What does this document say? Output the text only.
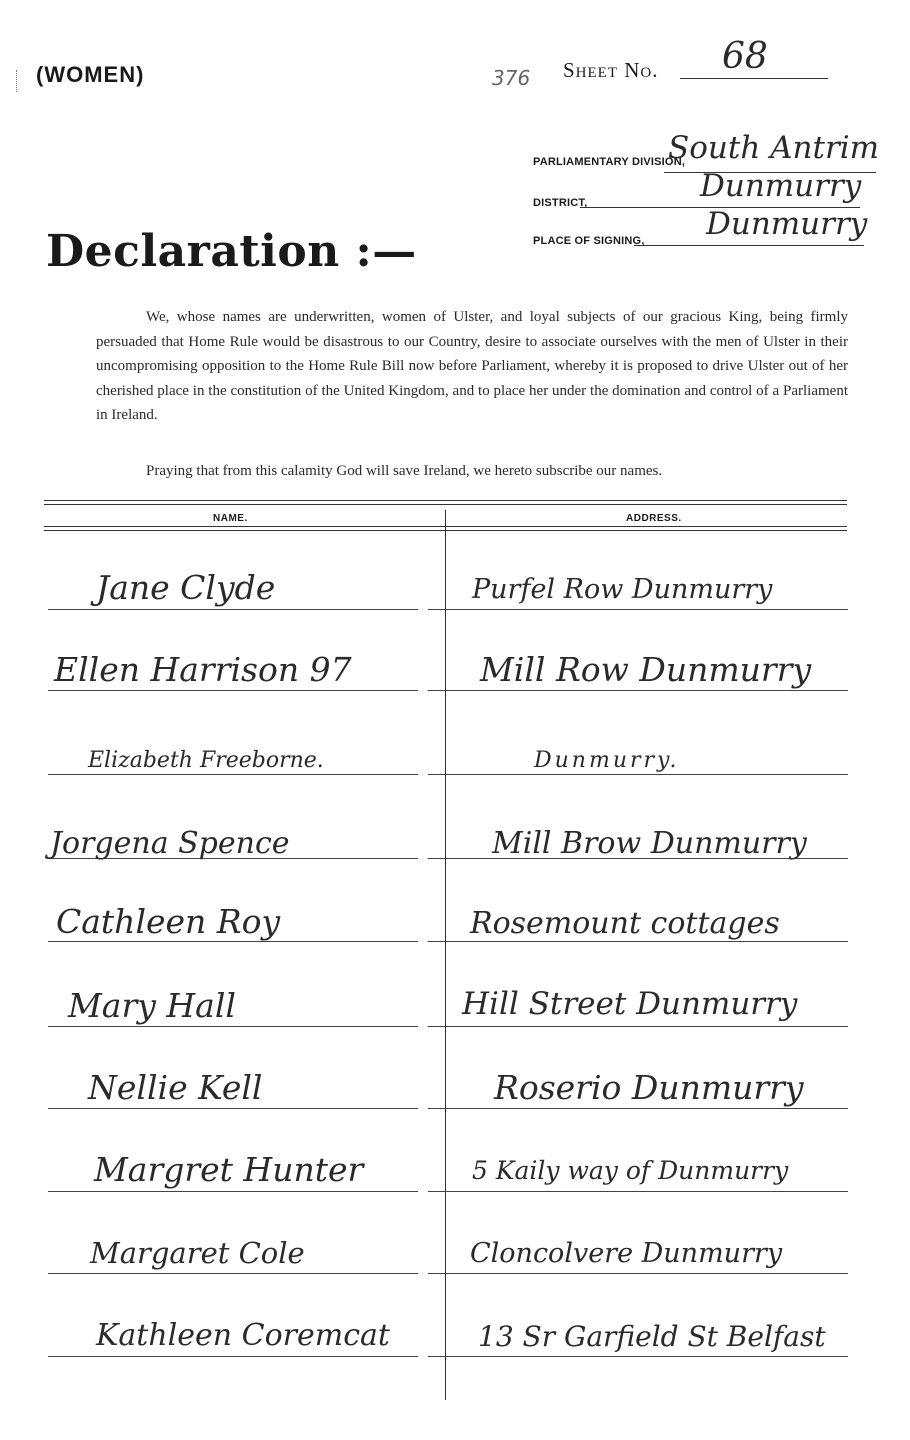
(WOMEN)	376 Sheet No. 68
PARLIAMENTARY DIVISION,
South Antrim
DISTRICT,	Dunmurry
PLACE OF SIGNING, Dunmurry
Declaration :—
We, whose names are underwritten, women of Ulster, and loyal subjects of our gracious King, being firmly persuaded that Home Rule would be disastrous to our Country, desire to associate ourselves with the men of Ulster in their uncompromising opposition to the Home Rule Bill now before Parliament, whereby it is proposed to drive Ulster out of her cherished place in the constitution of the United Kingdom, and to place her under the domination and control of a Parliament in Ireland.
Praying that from this calamity God will save Ireland, we hereto subscribe our names.
NAME.	ADDRESS.
Jane Clyde	Purfel Row Dunmurry
Ellen Harrison 97	Mill Row Dunmurry
Elizabeth Freeborne.	Dunmurry.
Jorgena Spence	Mill Brow Dunmurry
Cathleen Roy	Rosemount cottages
Mary Hall	Hill Street Dunmurry
Nellie Kell	Roserio Dunmurry
Margret Hunter	5 Kaily way of Dunmurry
Margaret Cole	Cloncolvere Dunmurry
Kathleen Coremcat	13 Sr Garfield St Belfast
